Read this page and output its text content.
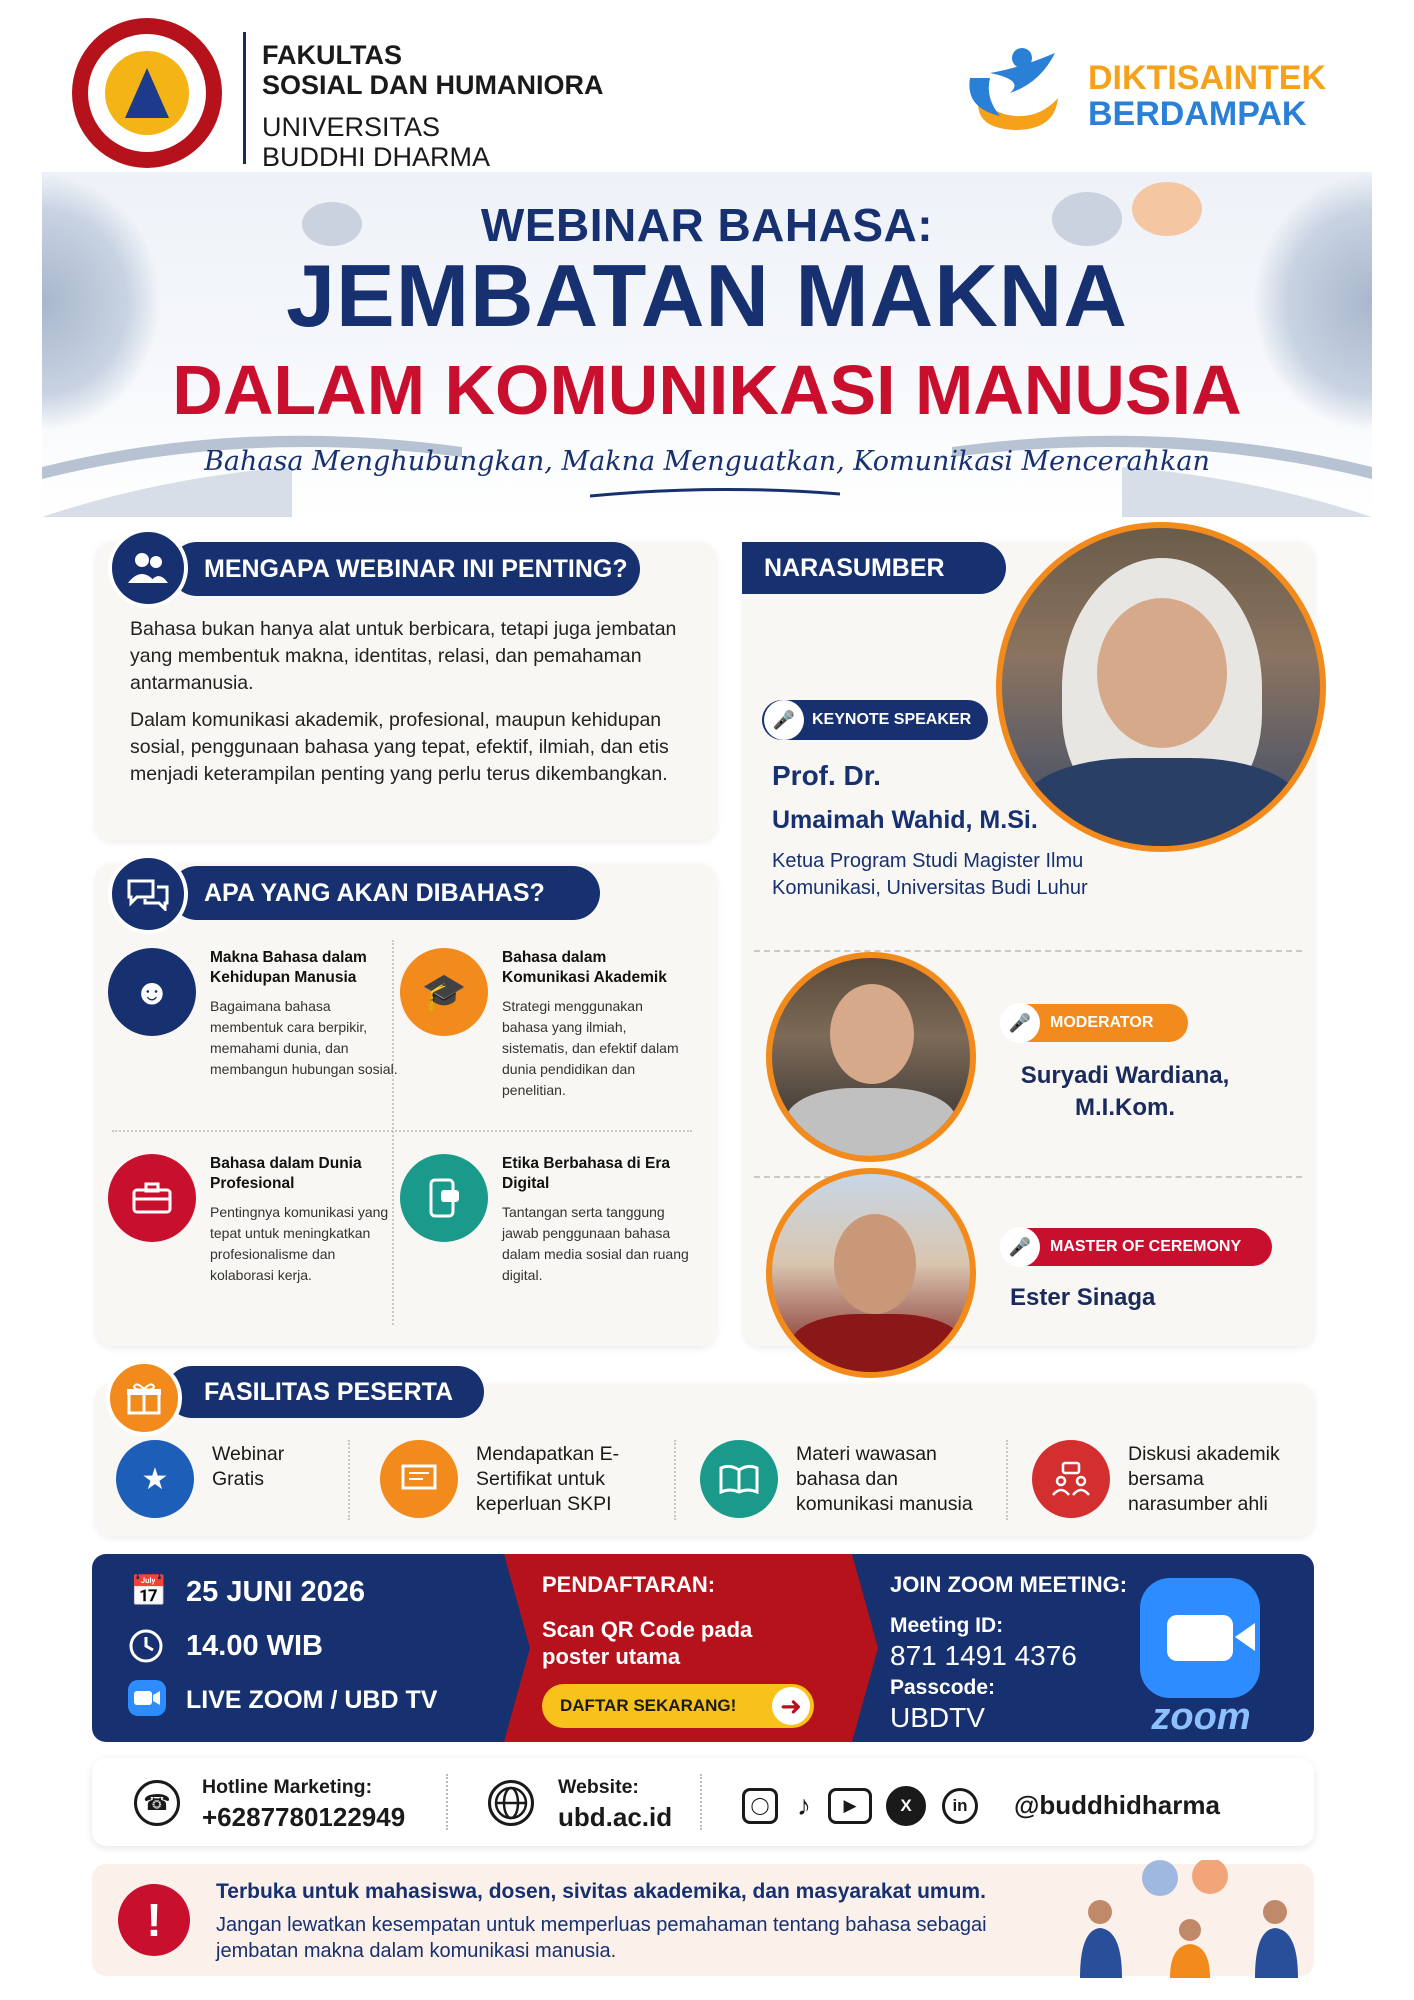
FAKULTAS
SOSIAL DAN HUMANIORA
UNIVERSITAS
BUDDHI DHARMA
DIKTISAINTEK
BERDAMPAK
WEBINAR BAHASA:
JEMBATAN MAKNA
DALAM KOMUNIKASI MANUSIA
Bahasa Menghubungkan, Makna Menguatkan, Komunikasi Mencerahkan
MENGAPA WEBINAR INI PENTING?

Bahasa bukan hanya alat untuk berbicara, tetapi juga jembatan yang membentuk makna, identitas, relasi, dan pemahaman antarmanusia.

Dalam komunikasi akademik, profesional, maupun kehidupan sosial, penggunaan bahasa yang tepat, efektif, ilmiah, dan etis menjadi keterampilan penting yang perlu terus dikembangkan.

APA YANG AKAN DIBAHAS?
☻
Makna Bahasa dalam Kehidupan Manusia
Bagaimana bahasa membentuk cara berpikir, memahami dunia, dan membangun hubungan sosial.
🎓
Bahasa dalam Komunikasi Akademik
Strategi menggunakan bahasa yang ilmiah, sistematis, dan efektif dalam dunia pendidikan dan penelitian.
Bahasa dalam Dunia Profesional
Pentingnya komunikasi yang tepat untuk meningkatkan profesionalisme dan kolaborasi kerja.
Etika Berbahasa di Era Digital
Tantangan serta tanggung jawab penggunaan bahasa dalam media sosial dan ruang digital.
NARASUMBER
KEYNOTE SPEAKER
🎤
Prof. Dr.
Umaimah Wahid, M.Si.
Ketua Program Studi Magister Ilmu Komunikasi, Universitas Budi Luhur
MODERATOR
🎤
Suryadi Wardiana, M.I.Kom.
MASTER OF CEREMONY
🎤
Ester Sinaga
FASILITAS PESERTA
★
Webinar Gratis
Mendapatkan E-Sertifikat untuk keperluan SKPI
Materi wawasan bahasa dan komunikasi manusia
Diskusi akademik bersama narasumber ahli
📅 25 JUNI 2026
14.00 WIB
LIVE ZOOM / UBD TV
PENDAFTARAN:
Scan QR Code pada poster utama
DAFTAR SEKARANG!	➜
JOIN ZOOM MEETING:
Meeting ID:
871 1491 4376
Passcode:
UBDTV	zoom
☎
Hotline Marketing:
+6287780122949
Website:
ubd.ac.id	◯ ♪	▶	X	in	@buddhidharma
!
Terbuka untuk mahasiswa, dosen, sivitas akademika, dan masyarakat umum.
Jangan lewatkan kesempatan untuk memperluas pemahaman tentang bahasa sebagai jembatan makna dalam komunikasi manusia.
